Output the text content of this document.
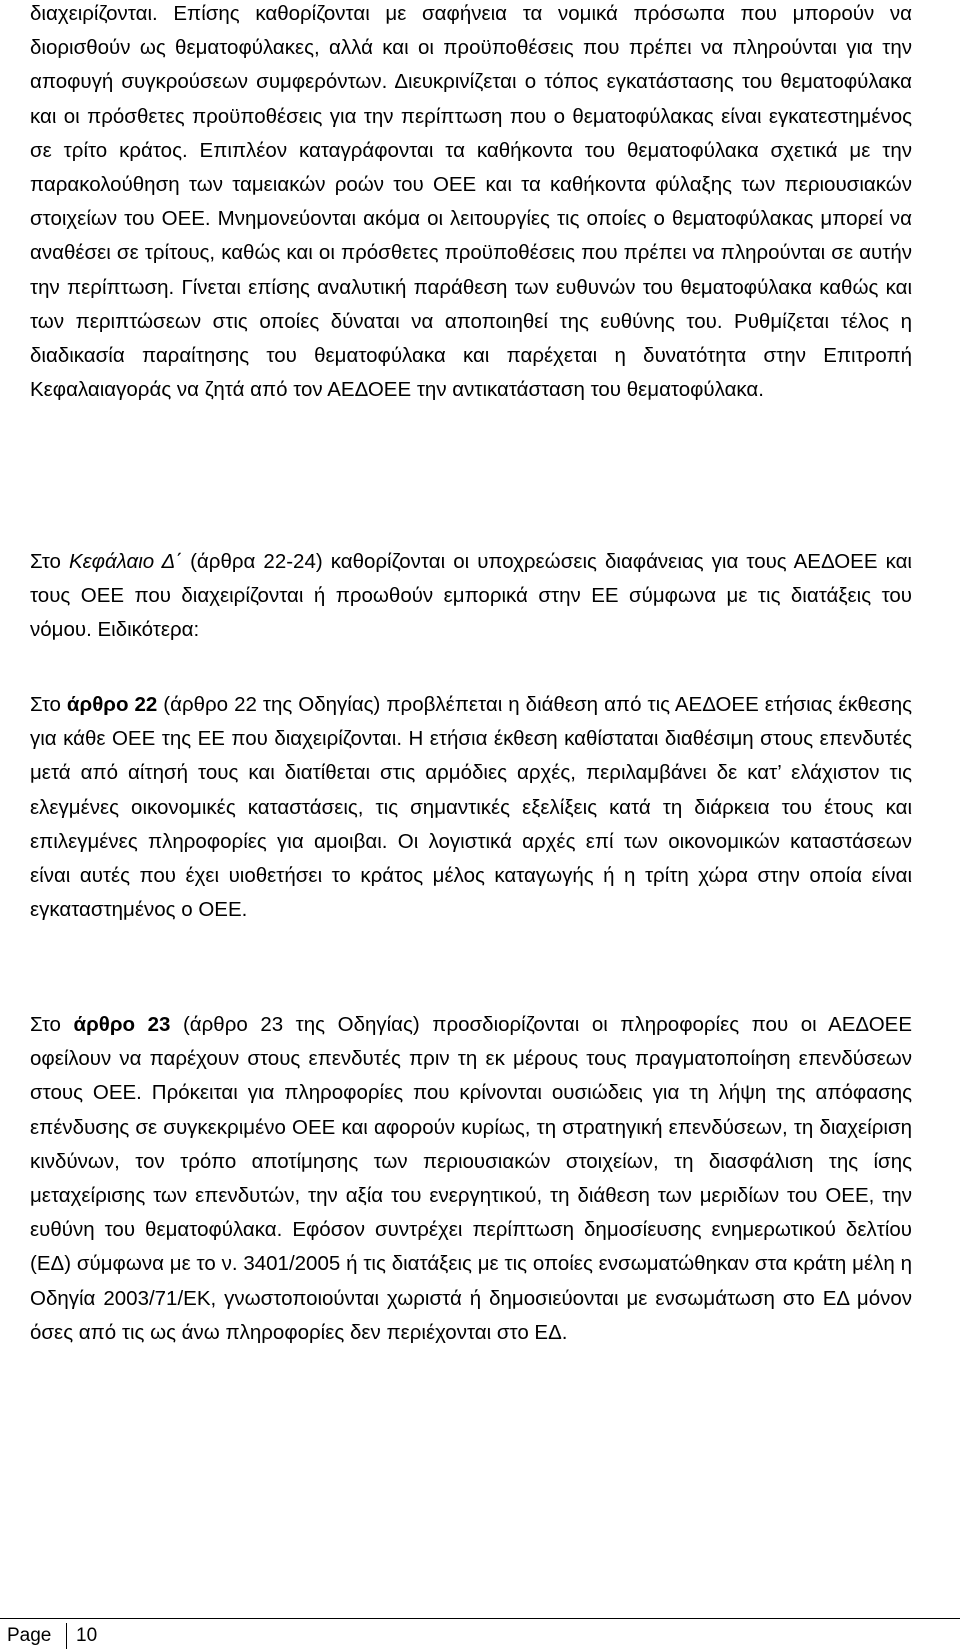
διαχειρίζονται. Επίσης καθορίζονται με σαφήνεια τα νομικά πρόσωπα που μπορούν να διορισθούν ως θεματοφύλακες, αλλά και οι προϋποθέσεις που πρέπει να πληρούνται για την αποφυγή συγκρούσεων συμφερόντων. Διευκρινίζεται ο τόπος εγκατάστασης του θεματοφύλακα και οι πρόσθετες προϋποθέσεις για την περίπτωση που ο θεματοφύλακας είναι εγκατεστημένος σε τρίτο κράτος. Επιπλέον καταγράφονται τα καθήκοντα του θεματοφύλακα σχετικά με την παρακολούθηση των ταμειακών ροών του ΟΕΕ και τα καθήκοντα φύλαξης των περιουσιακών στοιχείων του ΟΕΕ. Μνημονεύονται ακόμα οι λειτουργίες τις οποίες ο θεματοφύλακας μπορεί να αναθέσει σε τρίτους, καθώς και οι πρόσθετες προϋποθέσεις που πρέπει να πληρούνται σε αυτήν την περίπτωση. Γίνεται επίσης αναλυτική παράθεση των ευθυνών του θεματοφύλακα καθώς και των περιπτώσεων στις οποίες δύναται να αποποιηθεί της ευθύνης του. Ρυθμίζεται τέλος η διαδικασία παραίτησης του θεματοφύλακα και παρέχεται η δυνατότητα στην Επιτροπή Κεφαλαιαγοράς να ζητά από τον ΑΕΔΟΕΕ την αντικατάσταση του θεματοφύλακα.

Στο Κεφάλαιο Δ΄ (άρθρα 22-24) καθορίζονται οι υποχρεώσεις διαφάνειας για τους ΑΕΔΟΕΕ και τους ΟΕΕ που διαχειρίζονται ή προωθούν εμπορικά στην ΕΕ σύμφωνα με τις διατάξεις του νόμου. Ειδικότερα:

Στο άρθρο 22 (άρθρο 22 της Οδηγίας) προβλέπεται η διάθεση από τις ΑΕΔΟΕΕ ετήσιας έκθεσης για κάθε ΟΕΕ της ΕΕ που διαχειρίζονται. Η ετήσια έκθεση καθίσταται διαθέσιμη στους επενδυτές μετά από αίτησή τους και διατίθεται στις αρμόδιες αρχές, περιλαμβάνει δε κατ’ ελάχιστον τις ελεγμένες οικονομικές καταστάσεις, τις σημαντικές εξελίξεις κατά τη διάρκεια του έτους και επιλεγμένες πληροφορίες για αμοιβαι. Οι λογιστικά αρχές επί των οικονομικών καταστάσεων είναι αυτές που έχει υιοθετήσει το κράτος μέλος καταγωγής ή η τρίτη χώρα στην οποία είναι εγκαταστημένος ο ΟΕΕ.

Στο άρθρο 23 (άρθρο 23 της Οδηγίας) προσδιορίζονται οι πληροφορίες που οι ΑΕΔΟΕΕ οφείλουν να παρέχουν στους επενδυτές πριν τη εκ μέρους τους πραγματοποίηση επενδύσεων στους ΟΕΕ. Πρόκειται για πληροφορίες που κρίνονται ουσιώδεις για τη λήψη της απόφασης επένδυσης σε συγκεκριμένο ΟΕΕ και αφορούν κυρίως, τη στρατηγική επενδύσεων, τη διαχείριση κινδύνων, τον τρόπο αποτίμησης των περιουσιακών στοιχείων, τη διασφάλιση της ίσης μεταχείρισης των επενδυτών, την αξία του ενεργητικού, τη διάθεση των μεριδίων του ΟΕΕ, την ευθύνη του θεματοφύλακα. Εφόσον συντρέχει περίπτωση δημοσίευσης ενημερωτικού δελτίου (ΕΔ) σύμφωνα με το ν. 3401/2005 ή τις διατάξεις με τις οποίες ενσωματώθηκαν στα κράτη μέλη η Οδηγία 2003/71/ΕΚ, γνωστοποιούνται χωριστά ή δημοσιεύονται με ενσωμάτωση στο ΕΔ μόνον όσες από τις ως άνω πληροφορίες δεν περιέχονται στο ΕΔ.

Page 10
